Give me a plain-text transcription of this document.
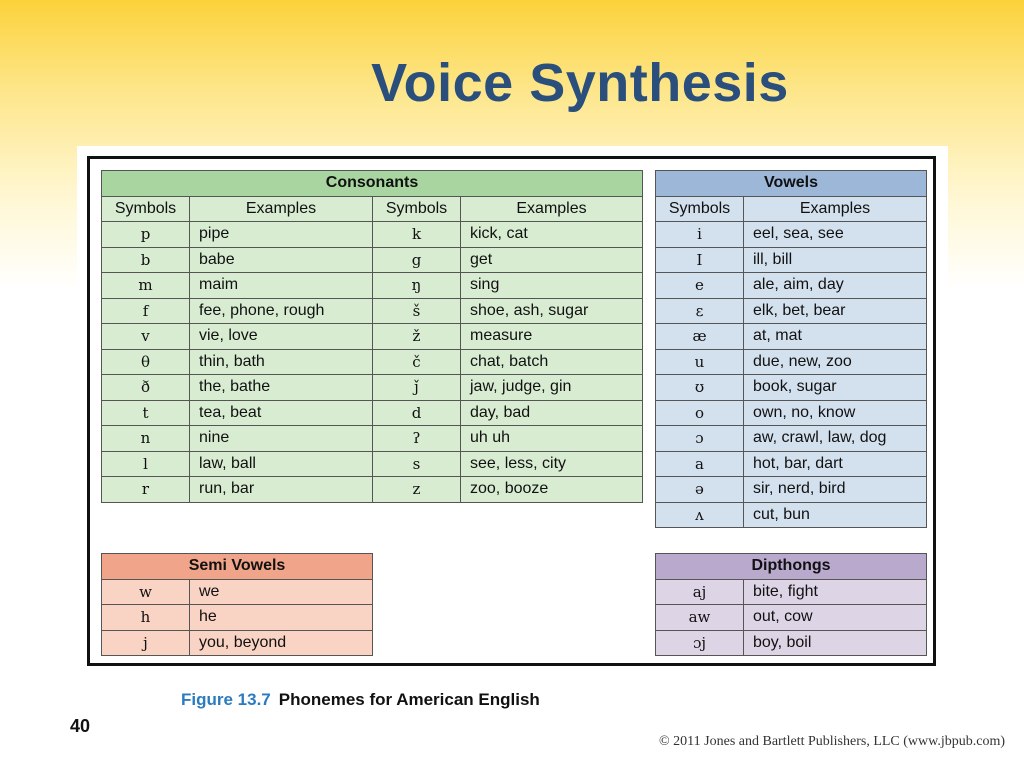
Voice Synthesis
Consonants			
Symbols	Examples	Symbols	Examples
p	pipe	k	kick, cat
b	babe	g	get
m	maim	ŋ	sing
f	fee, phone, rough	š	shoe, ash, sugar
v	vie, love	ž	measure
θ	thin, bath	č	chat, batch
ð	the, bathe	ǰ	jaw, judge, gin
t	tea, beat	d	day, bad
n	nine	ʔ	uh uh
l	law, ball	s	see, less, city
r	run, bar	z	zoo, booze
Vowels	
Symbols	Examples
i	eel, sea, see
I	ill, bill
e	ale, aim, day
ε	elk, bet, bear
æ	at, mat
u	due, new, zoo
ʊ	book, sugar
o	own, no, know
ɔ	aw, crawl, law, dog
a	hot, bar, dart
ə	sir, nerd, bird
ʌ	cut, bun
Semi Vowels	
w	we
h	he
j	you, beyond
Dipthongs	
aj	bite, fight
aw	out, cow
ɔj	boy, boil
Figure 13.7 Phonemes for American English
40
© 2011 Jones and Bartlett Publishers, LLC (www.jbpub.com)
